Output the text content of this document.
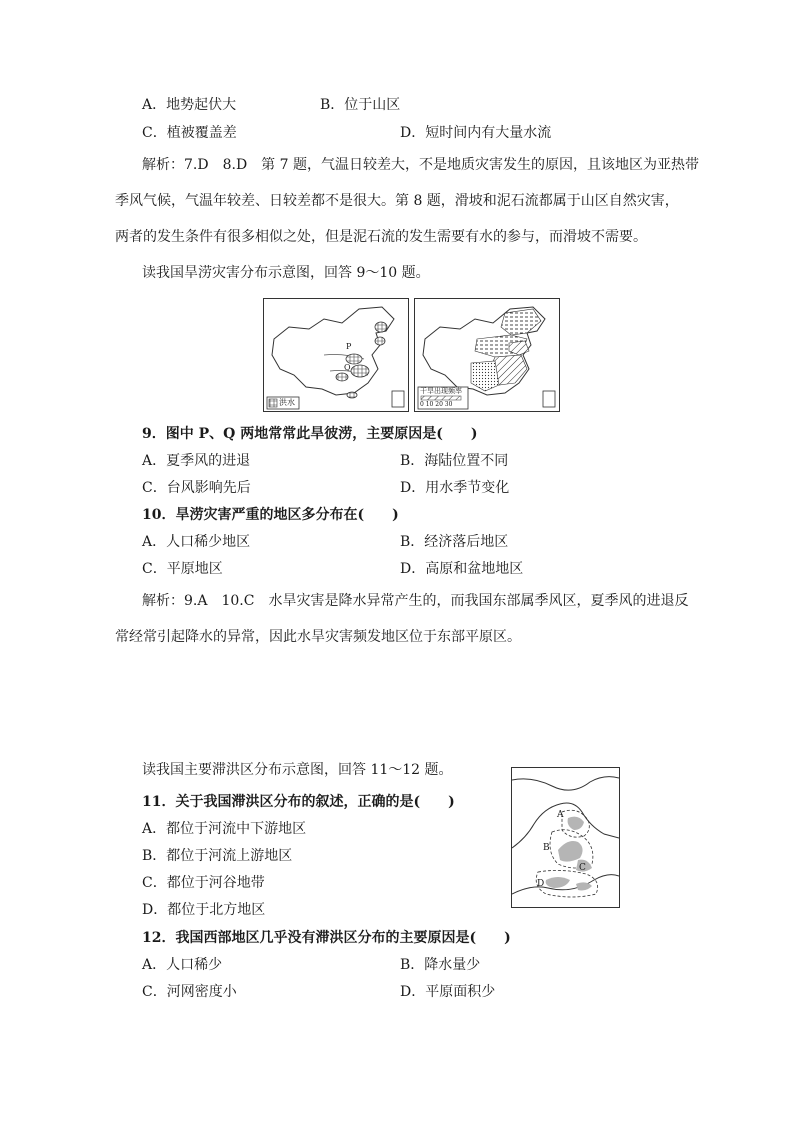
A．地势起伏大	B．位于山区
C．植被覆盖差	D．短时间内有大量水流
解析：7.D　8.D　第 7 题，气温日较差大，不是地质灾害发生的原因，且该地区为亚热带
季风气候，气温年较差、日较差都不是很大。第 8 题，滑坡和泥石流都属于山区自然灾害，
两者的发生条件有很多相似之处，但是泥石流的发生需要有水的参与，而滑坡不需要。
读我国旱涝灾害分布示意图，回答 9～10 题。
洪水
P
Q
干旱出现频率
0 10 20 30
9．图中 P、Q 两地常常此旱彼涝，主要原因是(　　)
A．夏季风的进退	B．海陆位置不同
C．台风影响先后	D．用水季节变化
10．旱涝灾害严重的地区多分布在(　　)
A．人口稀少地区	B．经济落后地区
C．平原地区	D．高原和盆地地区
解析：9.A　10.C　水旱灾害是降水异常产生的，而我国东部属季风区，夏季风的进退反
常经常引起降水的异常，因此水旱灾害频发地区位于东部平原区。
读我国主要滞洪区分布示意图，回答 11～12 题。
A
B
C
D
11．关于我国滞洪区分布的叙述，正确的是(　　)
A．都位于河流中下游地区
B．都位于河流上游地区
C．都位于河谷地带
D．都位于北方地区
12．我国西部地区几乎没有滞洪区分布的主要原因是(　　)
A．人口稀少	B．降水量少
C．河网密度小	D．平原面积少
